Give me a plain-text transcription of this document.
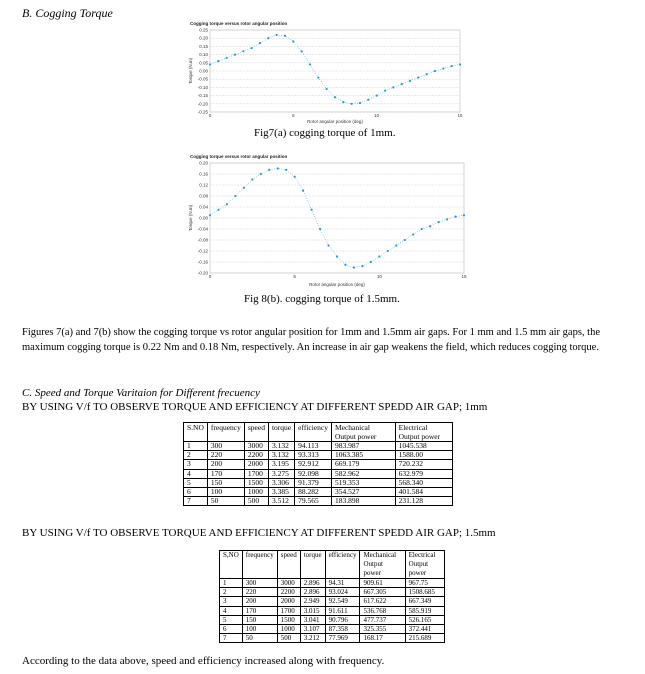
B. Cogging Torque
Cogging torque versus rotor angular position
-0.25
-0.20
-0.15
-0.10
-0.05
0.00
0.05
0.10
0.15
0.20
0.25
0	5	10	15
Rotor angular position (deg)
Torque (N.m)
Fig7(a) cogging torque of 1mm.
Cogging torque versus rotor angular position
-0.20
-0.16
-0.12
-0.08
-0.04
0.00
0.04
0.08
0.12
0.16
0.20
0	5	10	15
Rotor angular position (deg)
Torque (N.m)
Fig 8(b). cogging torque of 1.5mm.
Figures 7(a) and 7(b) show the cogging torque vs rotor angular position for 1mm and 1.5mm air gaps. For 1 mm and 1.5 mm air gaps, the maximum cogging torque is 0.22 Nm and 0.18 Nm, respectively. An increase in air gap weakens the field, which reduces cogging torque.
C. Speed and Torque Varitaion for Different frecuency
BY USING V/f TO OBSERVE TORQUE AND EFFICIENCY AT DIFFERENT SPEDD AIR GAP; 1mm
S.NO	frequency	speed	torque	efficiency	Mechanical Output power	Electrical Output power
1	300	3000	3.132	94.113	983.987	1045.538
2	220	2200	3.132	93.313	1063.385	1588.00
3	200	2000	3.195	92.912	669.179	720.232
4	170	1700	3.275	92.098	582.962	632.979
5	150	1500	3.306	91.379	519.353	568.340
6	100	1000	3.385	88.282	354.527	401.584
7	50	500	3.512	79.565	183.898	231.128
BY USING V/f TO OBSERVE TORQUE AND EFFICIENCY AT DIFFERENT SPEDD AIR GAP; 1.5mm
S,NO	frequency	speed	torque	efficiency	Mechanical Output power	Electrical Output power
1	300	3000	2.896	94.31	909.61	967.75
2	220	2200	2.896	93.024	667.305	1508.685
3	200	2000	2.949	92.549	617.622	667.349
4	170	1700	3.015	91.611	536.768	585.919
5	150	1500	3.041	90.796	477.737	526.165
6	100	1000	3.107	87.358	325.355	372.441
7	50	500	3.212	77.969	168.17	215.689
According to the data above, speed and efficiency increased along with frequency.
